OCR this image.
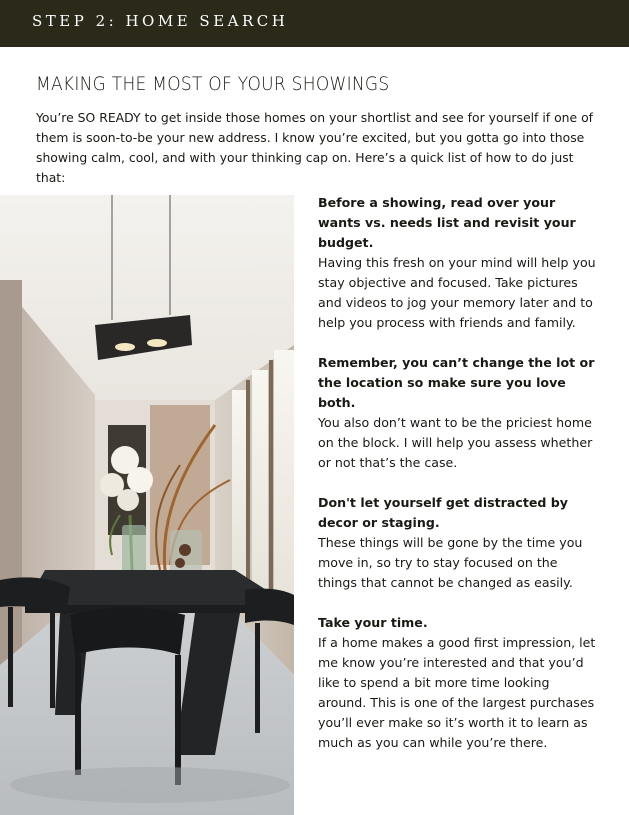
STEP 2: HOME SEARCH
MAKING THE MOST OF YOUR SHOWINGS
You’re SO READY to get inside those homes on your shortlist and see for yourself if one of them is soon-to-be your new address. I know you’re excited, but you gotta go into those showing calm, cool, and with your thinking cap on. Here’s a quick list of how to do just that:
Before a showing, read over your wants vs. needs list and revisit your budget.
Having this fresh on your mind will help you stay objective and focused. Take pictures and videos to jog your memory later and to help you process with friends and family.
Remember, you can’t change the lot or the location so make sure you love both.
You also don’t want to be the priciest home on the block. I will help you assess whether or not that’s the case.
Don't let yourself get distracted by decor or staging.
These things will be gone by the time you move in, so try to stay focused on the things that cannot be changed as easily.
Take your time.
If a home makes a good first impression, let me know you’re interested and that you’d like to spend a bit more time looking around. This is one of the largest purchases you’ll ever make so it’s worth it to learn as much as you can while you’re there.
